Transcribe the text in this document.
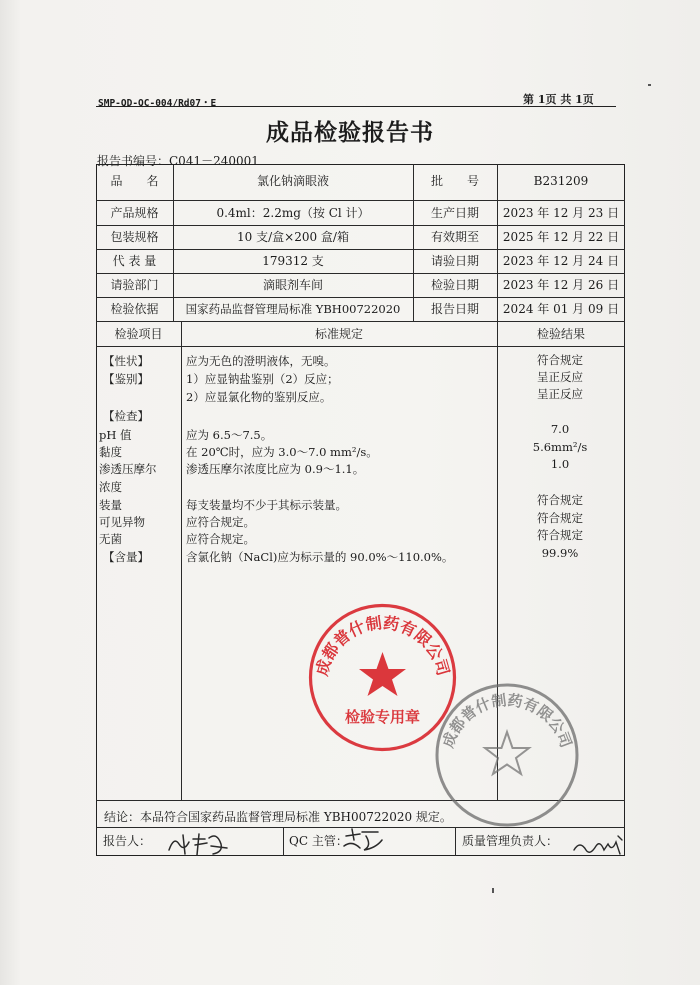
SMP-QD-QC-004/Rd07・E	第 1页 共 1页
成品检验报告书
报告书编号：C041－240001
品　　名	氯化钠滴眼液	批　　号	B231209
产品规格	0.4ml：2.2mg（按 Cl 计）	生产日期	2023 年 12 月 23 日
包装规格	10 支/盒×200 盒/箱	有效期至	2025 年 12 月 22 日
代 表 量	179312 支	请验日期	2023 年 12 月 24 日
请验部门	滴眼剂车间	检验日期	2023 年 12 月 26 日
检验依据	国家药品监督管理局标准 YBH00722020	报告日期	2024 年 01 月 09 日
检验项目	标准规定	检验结果
【性状】	应为无色的澄明液体，无嗅。	符合规定
【鉴别】	1）应显钠盐鉴别（2）反应；	呈正反应
2）应显氯化物的鉴别反应。	呈正反应
【检查】
pH 值	应为 6.5～7.5。	7.0
黏度	在 20℃时，应为 3.0～7.0 mm²/s。	5.6mm²/s
渗透压摩尔	渗透压摩尔浓度比应为 0.9～1.1。	1.0
浓度
装量	每支装量均不少于其标示装量。	符合规定
可见异物	应符合规定。	符合规定
无菌	应符合规定。	符合规定
【含量】	含氯化钠（NaCl)应为标示量的 90.0%～110.0%。	99.9%
成都普什制药有限公司
检验专用章
成都普什制药有限公司
结论：本品符合国家药品监督管理局标准 YBH00722020 规定。
报告人：	QC 主管：	质量管理负责人：
